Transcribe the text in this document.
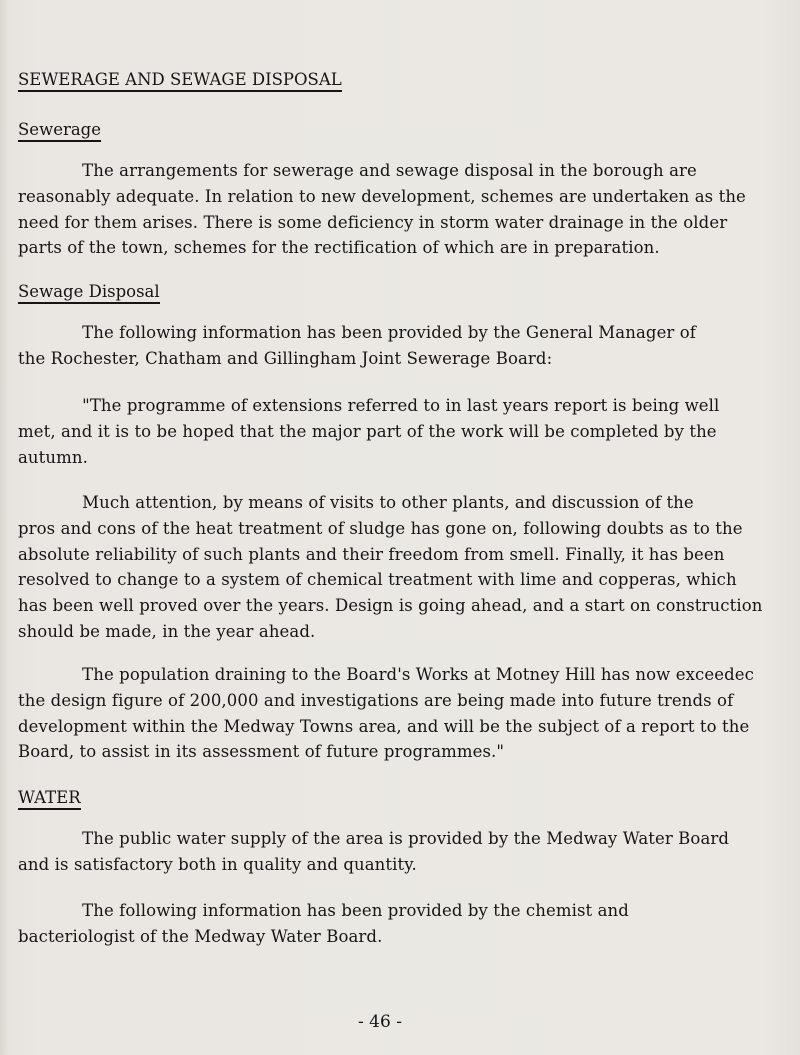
SEWERAGE AND SEWAGE DISPOSAL
Sewerage
The arrangements for sewerage and sewage disposal in the borough are
reasonably adequate. In relation to new development, schemes are undertaken as the
need for them arises. There is some deficiency in storm water drainage in the older
parts of the town, schemes for the rectification of which are in preparation.
Sewage Disposal
The following information has been provided by the General Manager of
the Rochester, Chatham and Gillingham Joint Sewerage Board:
"The programme of extensions referred to in last years report is being well
met, and it is to be hoped that the major part of the work will be completed by the
autumn.
Much attention, by means of visits to other plants, and discussion of the
pros and cons of the heat treatment of sludge has gone on, following doubts as to the
absolute reliability of such plants and their freedom from smell. Finally, it has been
resolved to change to a system of chemical treatment with lime and copperas, which
has been well proved over the years. Design is going ahead, and a start on construction
should be made, in the year ahead.
The population draining to the Board's Works at Motney Hill has now exceedec
the design figure of 200,000 and investigations are being made into future trends of
development within the Medway Towns area, and will be the subject of a report to the
Board, to assist in its assessment of future programmes."
WATER
The public water supply of the area is provided by the Medway Water Board
and is satisfactory both in quality and quantity.
The following information has been provided by the chemist and
bacteriologist of the Medway Water Board.
- 46 -
